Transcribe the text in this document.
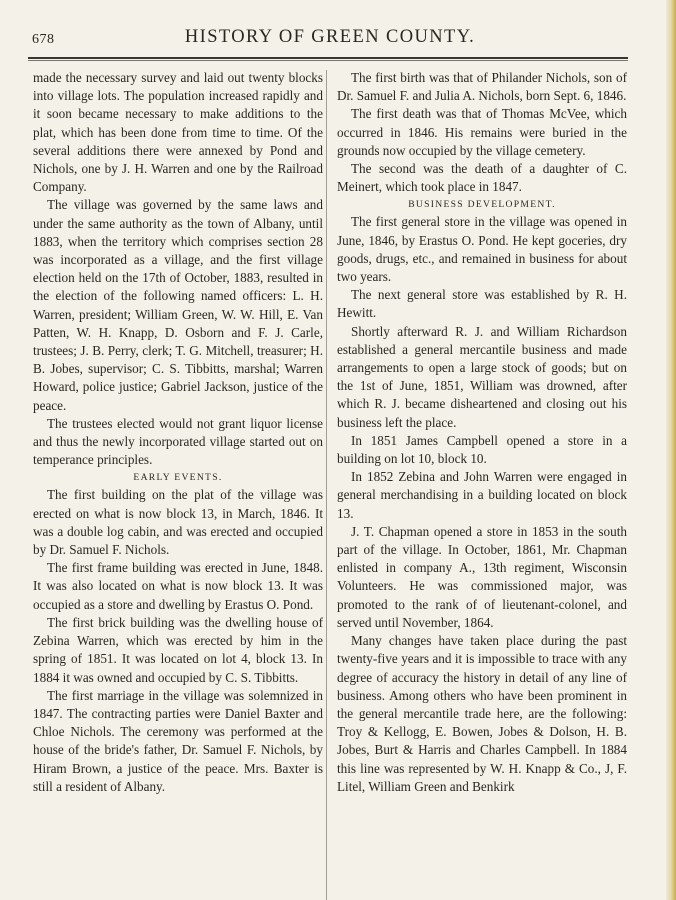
678	HISTORY OF GREEN COUNTY.

made the necessary survey and laid out twenty blocks into village lots. The population increased rapidly and it soon became necessary to make additions to the plat, which has been done from time to time. Of the several additions there were annexed by Pond and Nichols, one by J. H. Warren and one by the Railroad Company.

The village was governed by the same laws and under the same authority as the town of Albany, until 1883, when the territory which comprises section 28 was incorporated as a village, and the first village election held on the 17th of October, 1883, resulted in the election of the following named officers: L. H. Warren, president; William Green, W. W. Hill, E. Van Patten, W. H. Knapp, D. Osborn and F. J. Carle, trustees; J. B. Perry, clerk; T. G. Mitchell, treasurer; H. B. Jobes, supervisor; C. S. Tibbitts, marshal; Warren Howard, police justice; Gabriel Jackson, justice of the peace.

The trustees elected would not grant liquor license and thus the newly incorporated village started out on temperance principles.

EARLY EVENTS.

The first building on the plat of the village was erected on what is now block 13, in March, 1846. It was a double log cabin, and was erected and occupied by Dr. Samuel F. Nichols.

The first frame building was erected in June, 1848. It was also located on what is now block 13. It was occupied as a store and dwelling by Erastus O. Pond.

The first brick building was the dwelling house of Zebina Warren, which was erected by him in the spring of 1851. It was located on lot 4, block 13. In 1884 it was owned and occupied by C. S. Tibbitts.

The first marriage in the village was solemnized in 1847. The contracting parties were Daniel Baxter and Chloe Nichols. The ceremony was performed at the house of the bride's father, Dr. Samuel F. Nichols, by Hiram Brown, a justice of the peace. Mrs. Baxter is still a resident of Albany.

The first birth was that of Philander Nichols, son of Dr. Samuel F. and Julia A. Nichols, born Sept. 6, 1846.

The first death was that of Thomas McVee, which occurred in 1846. His remains were buried in the grounds now occupied by the village cemetery.

The second was the death of a daughter of C. Meinert, which took place in 1847.

BUSINESS DEVELOPMENT.

The first general store in the village was opened in June, 1846, by Erastus O. Pond. He kept goceries, dry goods, drugs, etc., and remained in business for about two years.

The next general store was established by R. H. Hewitt.

Shortly afterward R. J. and William Richardson established a general mercantile business and made arrangements to open a large stock of goods; but on the 1st of June, 1851, William was drowned, after which R. J. became disheartened and closing out his business left the place.

In 1851 James Campbell opened a store in a building on lot 10, block 10.

In 1852 Zebina and John Warren were engaged in general merchandising in a building located on block 13.

J. T. Chapman opened a store in 1853 in the south part of the village. In October, 1861, Mr. Chapman enlisted in company A., 13th regiment, Wisconsin Volunteers. He was commissioned major, was promoted to the rank of of lieutenant-colonel, and served until November, 1864.

Many changes have taken place during the past twenty-five years and it is impossible to trace with any degree of accuracy the history in detail of any line of business. Among others who have been prominent in the general mercantile trade here, are the following: Troy & Kellogg, E. Bowen, Jobes & Dolson, H. B. Jobes, Burt & Harris and Charles Campbell. In 1884 this line was represented by W. H. Knapp & Co., J, F. Litel, William Green and Benkirk
